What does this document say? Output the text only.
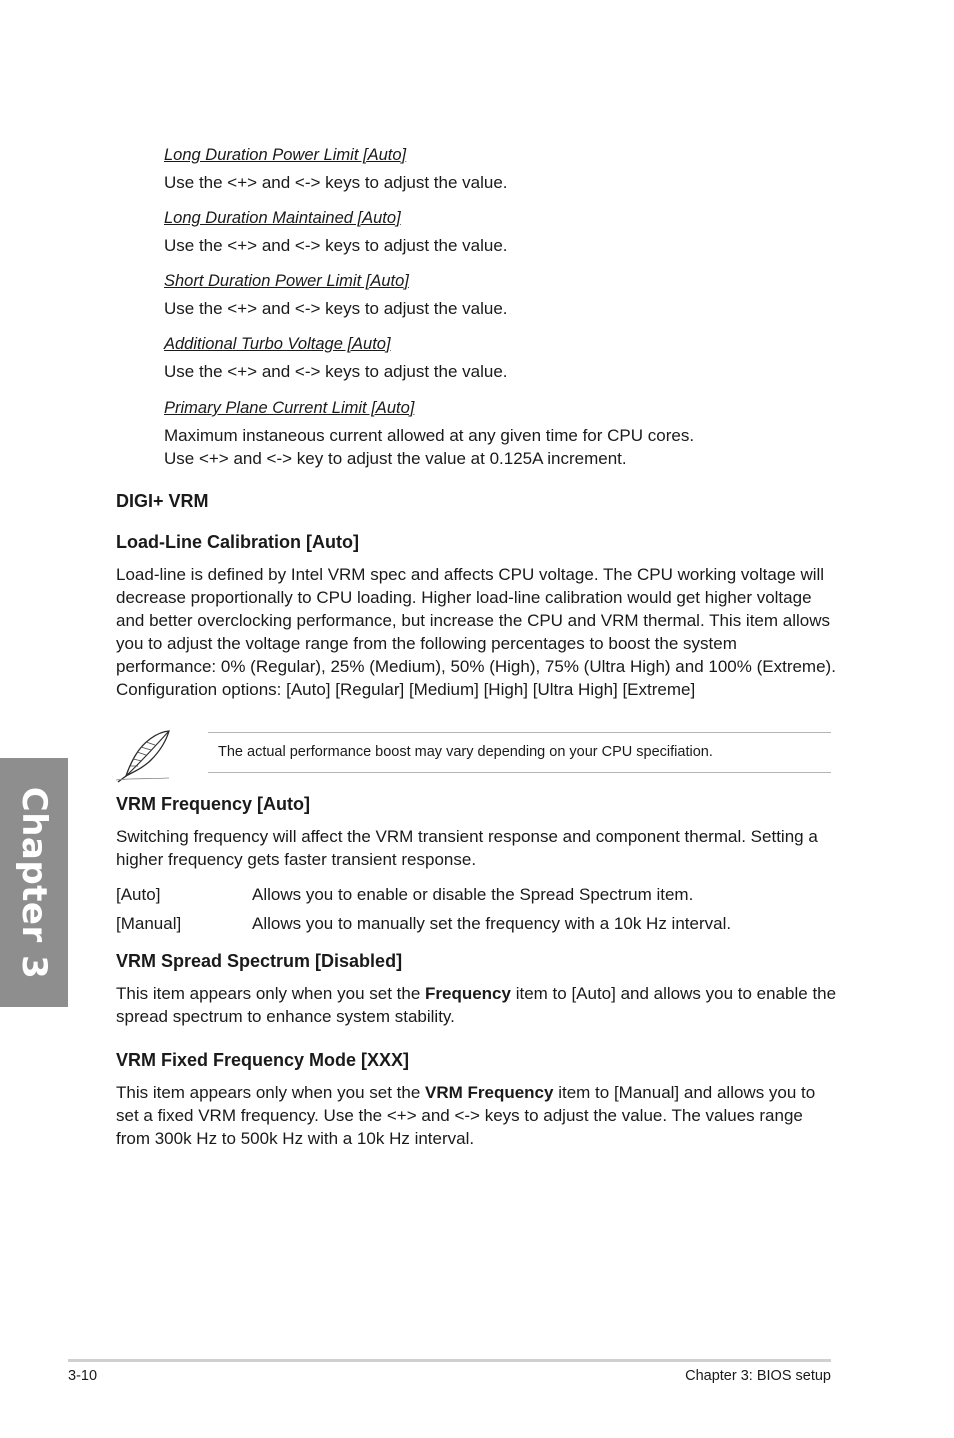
Long Duration Power Limit [Auto]
Use the <+> and <-> keys to adjust the value.
Long Duration Maintained [Auto]
Use the <+> and <-> keys to adjust the value.
Short Duration Power Limit [Auto]
Use the <+> and <-> keys to adjust the value.
Additional Turbo Voltage [Auto]
Use the <+> and <-> keys to adjust the value.
Primary Plane Current Limit [Auto]
Maximum instaneous current allowed at any given time for CPU cores.
Use <+> and <-> key to adjust the value at 0.125A increment.
DIGI+ VRM
Load-Line Calibration [Auto]

Load-line is defined by Intel VRM spec and affects CPU voltage. The CPU working voltage will decrease proportionally to CPU loading. Higher load-line calibration would get higher voltage and better overclocking performance, but increase the CPU and VRM thermal. This item allows you to adjust the voltage range from the following percentages to boost the system performance: 0% (Regular), 25% (Medium), 50% (High), 75% (Ultra High) and 100% (Extreme).

Configuration options: [Auto] [Regular] [Medium] [High] [Ultra High] [Extreme]

The actual performance boost may vary depending on your CPU specifiation.
VRM Frequency [Auto]
Switching frequency will affect the VRM transient response and component thermal. Setting a higher frequency gets faster transient response.
[Auto]	Allows you to enable or disable the Spread Spectrum item.
[Manual]	Allows you to manually set the frequency with a 10k Hz interval.
VRM Spread Spectrum [Disabled]
This item appears only when you set the Frequency item to [Auto] and allows you to enable the spread spectrum to enhance system stability.
VRM Fixed Frequency Mode [XXX]
This item appears only when you set the VRM Frequency item to [Manual] and allows you to set a fixed VRM frequency. Use the <+> and <-> keys to adjust the value. The values range from 300k Hz to 500k Hz with a 10k Hz interval.
Chapter 3
3-10	Chapter 3: BIOS setup
